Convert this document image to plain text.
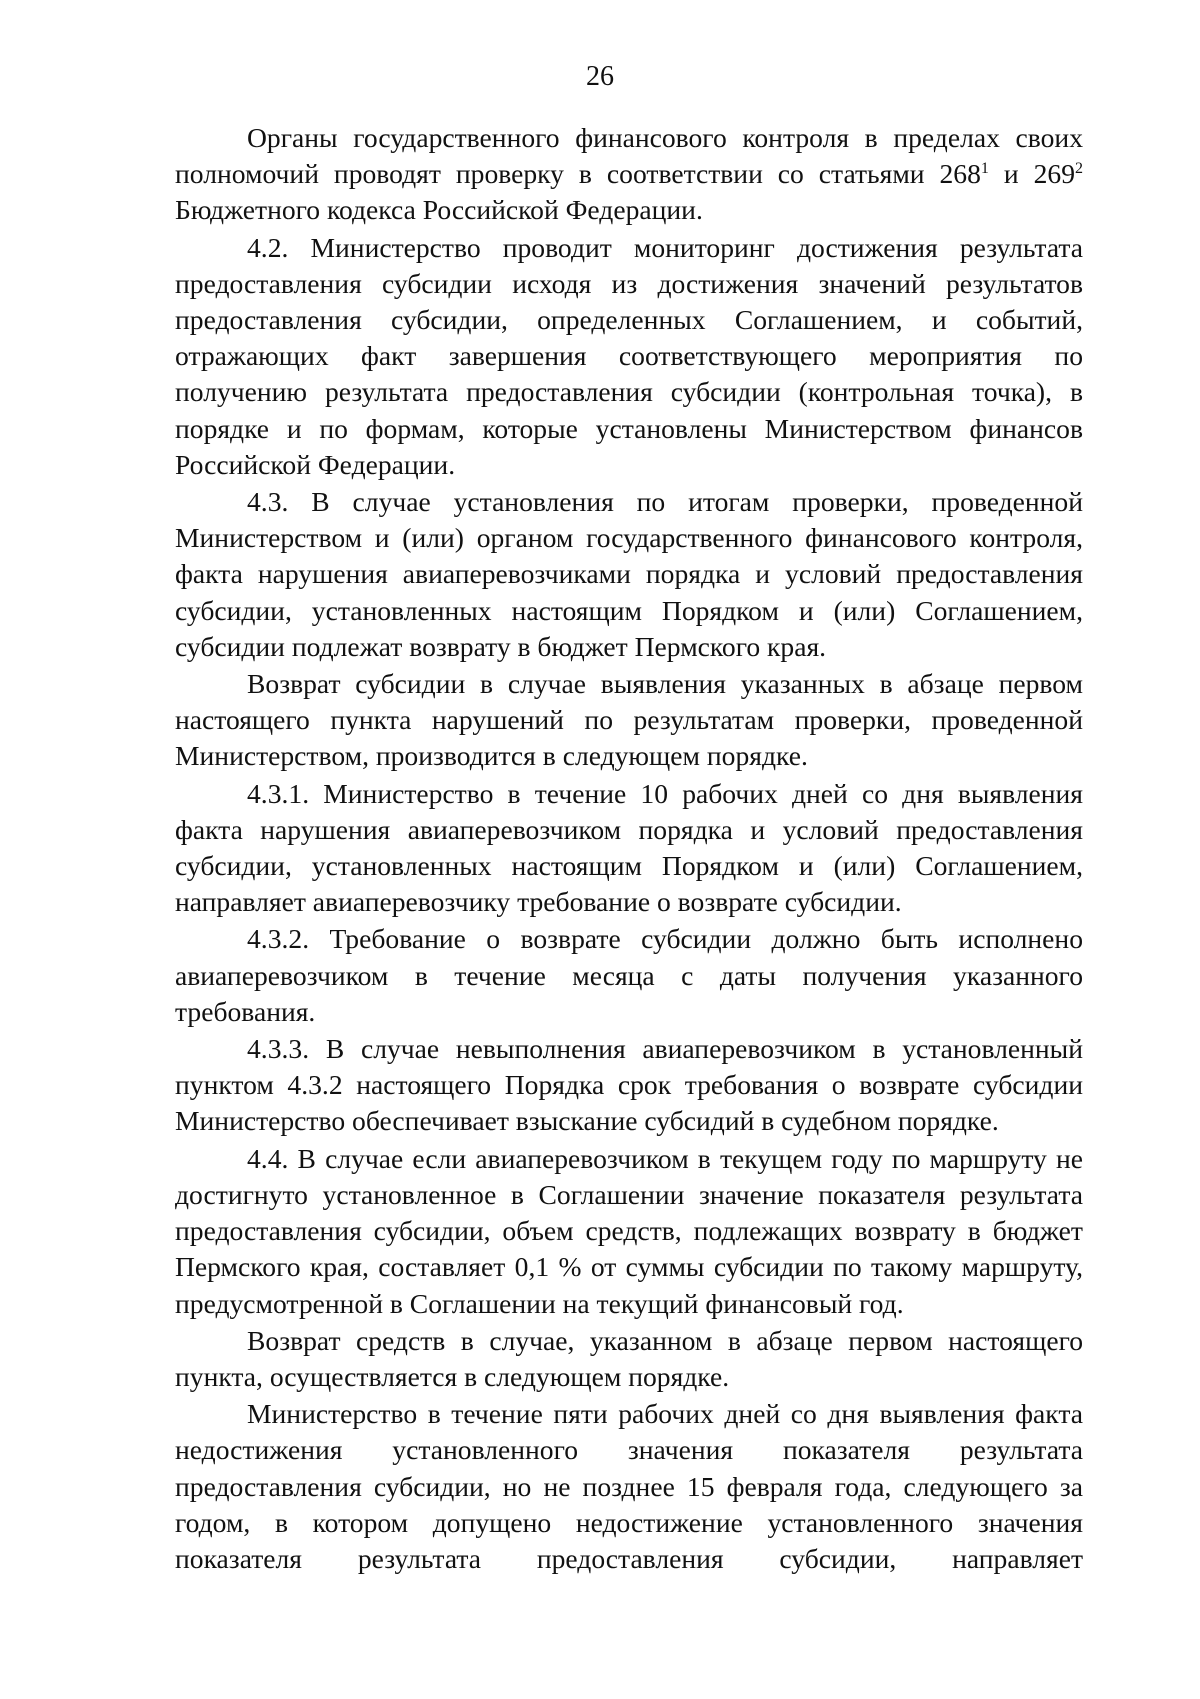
26

Органы государственного финансового контроля в пределах своих полномочий проводят проверку в соответствии со статьями $268^1$ и $269^2$ Бюджетного кодекса Российской Федерации.

4.2. Министерство проводит мониторинг достижения результата предоставления субсидии исходя из достижения значений результатов предоставления субсидии, определенных Соглашением, и событий, отражающих факт завершения соответствующего мероприятия по получению результата предоставления субсидии (контрольная точка), в порядке и по формам, которые установлены Министерством финансов Российской Федерации.

4.3. В случае установления по итогам проверки, проведенной Министерством и (или) органом государственного финансового контроля, факта нарушения авиаперевозчиками порядка и условий предоставления субсидии, установленных настоящим Порядком и (или) Соглашением, субсидии подлежат возврату в бюджет Пермского края.

Возврат субсидии в случае выявления указанных в абзаце первом настоящего пункта нарушений по результатам проверки, проведенной Министерством, производится в следующем порядке.

4.3.1. Министерство в течение 10 рабочих дней со дня выявления факта нарушения авиаперевозчиком порядка и условий предоставления субсидии, установленных настоящим Порядком и (или) Соглашением, направляет авиаперевозчику требование о возврате субсидии.

4.3.2. Требование о возврате субсидии должно быть исполнено авиаперевозчиком в течение месяца с даты получения указанного требования.

4.3.3. В случае невыполнения авиаперевозчиком в установленный пунктом 4.3.2 настоящего Порядка срок требования о возврате субсидии Министерство обеспечивает взыскание субсидий в судебном порядке.

4.4. В случае если авиаперевозчиком в текущем году по маршруту не достигнуто установленное в Соглашении значение показателя результата предоставления субсидии, объем средств, подлежащих возврату в бюджет Пермского края, составляет 0,1 % от суммы субсидии по такому маршруту, предусмотренной в Соглашении на текущий финансовый год.

Возврат средств в случае, указанном в абзаце первом настоящего пункта, осуществляется в следующем порядке.

Министерство в течение пяти рабочих дней со дня выявления факта недостижения установленного значения показателя результата предоставления субсидии, но не позднее 15 февраля года, следующего за годом, в котором допущено недостижение установленного значения показателя результата предоставления субсидии, направляет
